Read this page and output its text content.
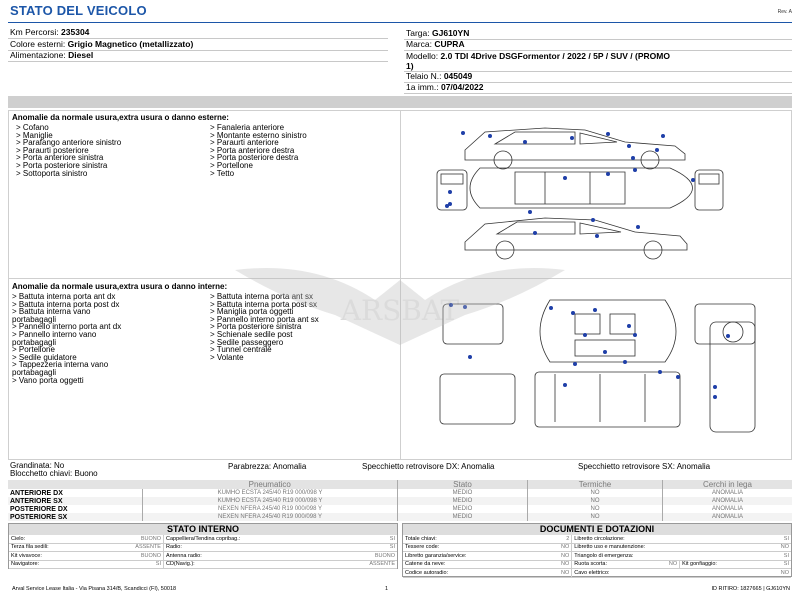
STATO DEL VEICOLO	Rev. A
Km Percorsi: 235304
Colore esterni: Grigio Magnetico (metallizzato)
Alimentazione: Diesel
Targa: GJ610YN
Marca: CUPRA
Modello: 2.0 TDI 4Drive DSGFormentor / 2022 / 5P / SUV / (PROMO
1)
Telaio N.: 045049
1a imm.: 07/04/2022
Anomalie da normale usura,extra usura o danno esterne:
> Cofano
> Maniglie
> Parafango anteriore sinistro
> Paraurti posteriore
> Porta anteriore sinistra
> Porta posteriore sinistra
> Sottoporta sinistro
> Fanaleria anteriore
> Montante esterno sinistro
> Paraurti anteriore
> Porta anteriore destra
> Porta posteriore destra
> Portellone
> Tetto
Anomalie da normale usura,extra usura o danno interne:
> Battuta interna porta ant dx
> Battuta interna porta post dx
> Battuta interna vano
portabagagli
> Pannello interno porta ant dx
> Pannello interno vano
portabagagli
> Portellone
> Sedile guidatore
> Tappezzeria interna vano
portabagagli
> Vano porta oggetti
> Battuta interna porta ant sx
> Battuta interna porta post sx
> Maniglia porta oggetti
> Pannello interno porta ant sx
> Porta posteriore sinistra
> Schienale sedile post
> Sedile passeggero
> Tunnel centrale
> Volante
ARSBAT
Grandinata: No
Blocchetto chiavi: Buono
Parabrezza: Anomalia	Specchietto retrovisore DX: Anomalia	Specchietto retrovisore SX: Anomalia
	Pneumatico	Stato	Termiche	Cerchi in lega
ANTERIORE DX	KUMHO ECSTA 245/40 R19 000/098 Y	MEDIO	NO	ANOMALIA
ANTERIORE SX	KUMHO ECSTA 245/40 R19 000/098 Y	MEDIO	NO	ANOMALIA
POSTERIORE DX	NEXEN NFERA 245/40 R19 000/098 Y	MEDIO	NO	ANOMALIA
POSTERIORE SX	NEXEN NFERA 245/40 R19 000/098 Y	MEDIO	NO	ANOMALIA
STATO INTERNO
Cielo:	BUONO	Cappelliera/Tendina copribag.:	SI
Terza fila sedili:	ASSENTE	Radio:	SI
Kit vivavoce:	BUONO	Antenna radio:	BUONO
Navigatore:	SI	CD(Navig.):	ASSENTE
DOCUMENTI E DOTAZIONI
Totale chiavi:	2	Libretto circolazione:			SI
Tessere code:	NO	Libretto uso e manutenzione:			NO
Libretto garanzia/service:	NO	Triangolo di emergenza:			SI
Catene da neve:	NO	Ruota scorta:	NO	Kit gonfiaggio:	SI
Codice autoradio:	NO	Cavo elettrico:			NO
Arval Service Lease Italia - Via Pisana 314/B, Scandicci (FI), 50018	1	ID RITIRO: 1827665 | GJ610YN
